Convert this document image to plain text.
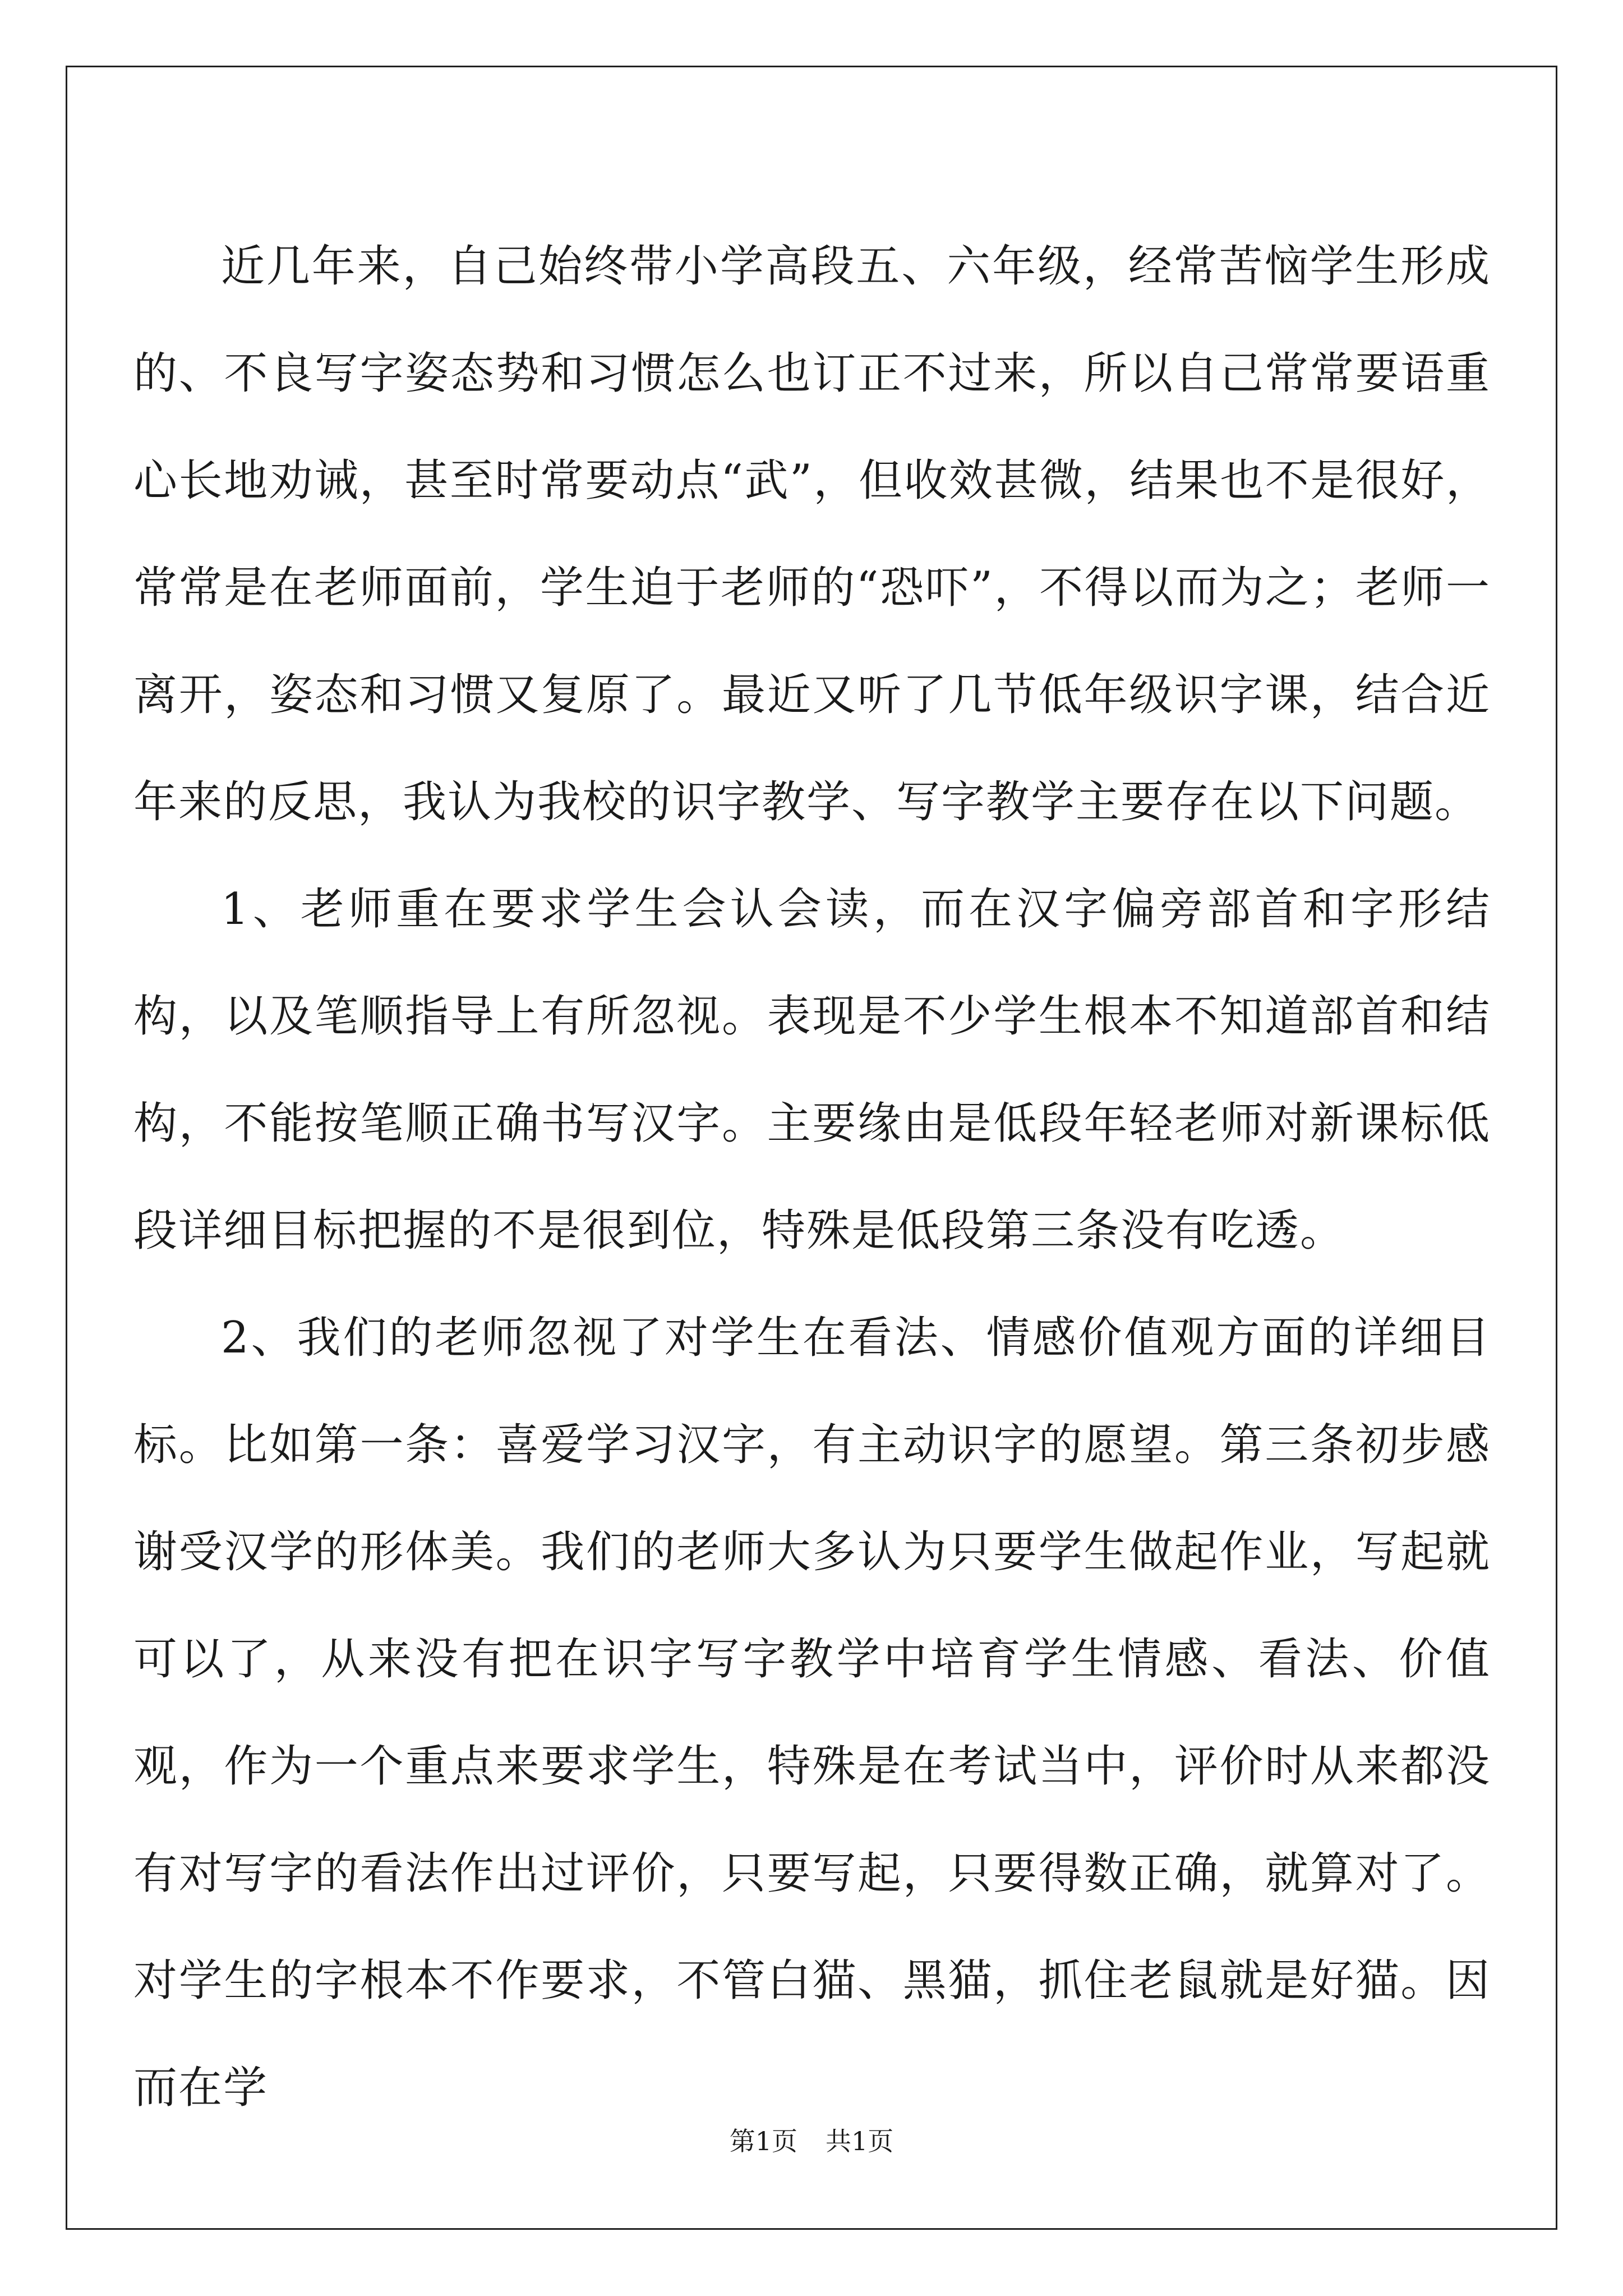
近几年来，自己始终带小学高段五、六年级，经常苦恼学生形成的、不良写字姿态势和习惯怎么也订正不过来，所以自己常常要语重心长地劝诫，甚至时常要动点“武”，但收效甚微，结果也不是很好，常常是在老师面前，学生迫于老师的“恐吓”，不得以而为之；老师一离开，姿态和习惯又复原了。最近又听了几节低年级识字课，结合近年来的反思，我认为我校的识字教学、写字教学主要存在以下问题。

1、老师重在要求学生会认会读，而在汉字偏旁部首和字形结构，以及笔顺指导上有所忽视。表现是不少学生根本不知道部首和结构，不能按笔顺正确书写汉字。主要缘由是低段年轻老师对新课标低段详细目标把握的不是很到位，特殊是低段第三条没有吃透。

2、我们的老师忽视了对学生在看法、情感价值观方面的详细目标。比如第一条：喜爱学习汉字，有主动识字的愿望。第三条初步感谢受汉学的形体美。我们的老师大多认为只要学生做起作业，写起就可以了，从来没有把在识字写字教学中培育学生情感、看法、价值观，作为一个重点来要求学生，特殊是在考试当中，评价时从来都没有对写字的看法作出过评价，只要写起，只要得数正确，就算对了。对学生的字根本不作要求，不管白猫、黑猫，抓住老鼠就是好猫。因而在学

第1页 共1页
